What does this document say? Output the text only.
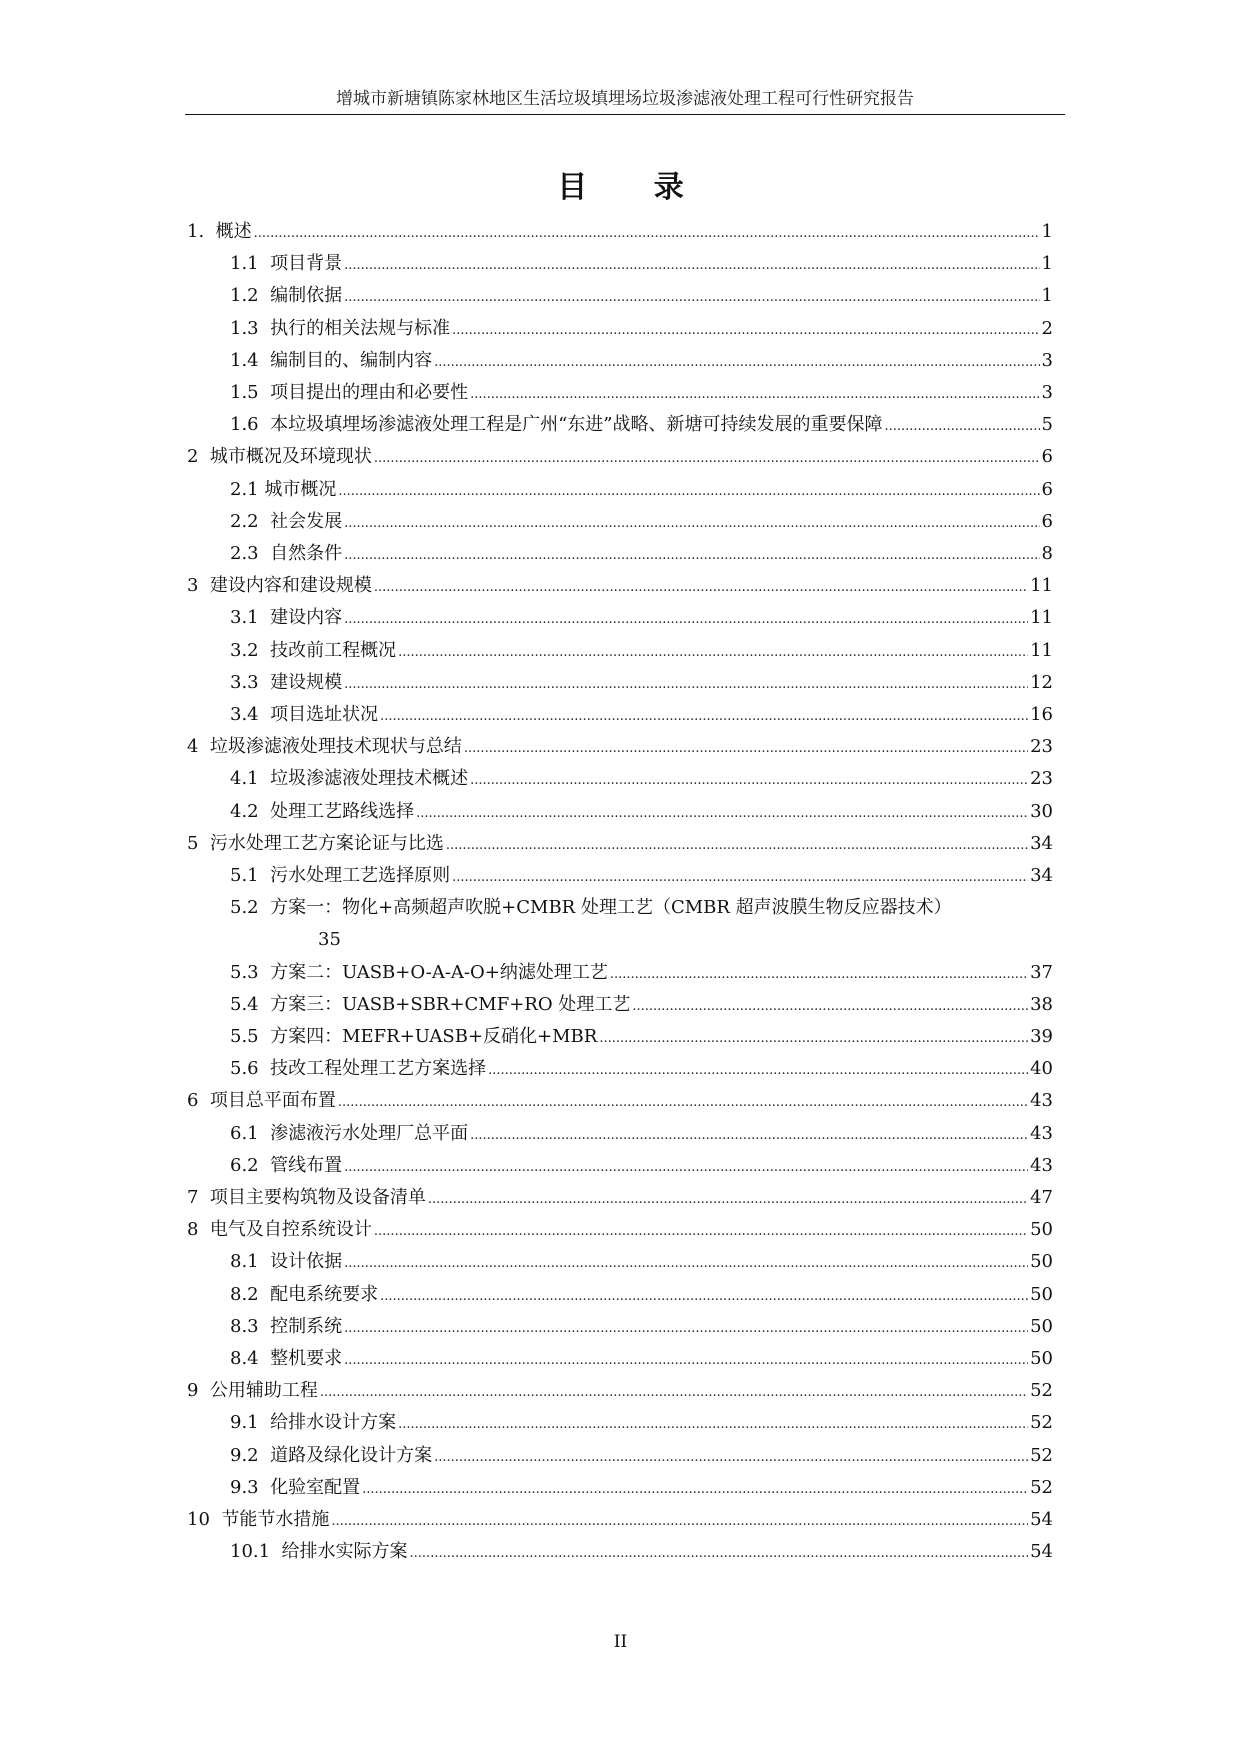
增城市新塘镇陈家林地区生活垃圾填埋场垃圾渗滤液处理工程可行性研究报告
目 录
1. 概述 .....	1
1.1 项目背景 .....	1
1.2 编制依据 .....	1
1.3 执行的相关法规与标准 .....	2
1.4 编制目的、编制内容 .....	3
1.5 项目提出的理由和必要性 .....	3
1.6 本垃圾填埋场渗滤液处理工程是广州“东进”战略、新塘可持续发展的重要保障 .....	5
2 城市概况及环境现状 .....	6
2.1 城市概况 .....	6
2.2 社会发展 .....	6
2.3 自然条件 .....	8
3 建设内容和建设规模 .....	11
3.1 建设内容 .....	11
3.2 技改前工程概况 .....	11
3.3 建设规模 .....	12
3.4 项目选址状况 .....	16
4 垃圾渗滤液处理技术现状与总结 .....	23
4.1 垃圾渗滤液处理技术概述 .....	23
4.2 处理工艺路线选择 .....	30
5 污水处理工艺方案论证与比选 .....	34
5.1 污水处理工艺选择原则 .....	34
5.2 方案一：物化+高频超声吹脱+CMBR 处理工艺（CMBR 超声波膜生物反应器技术）
35
5.3 方案二：UASB+O-A-A-O+纳滤处理工艺 .....	37
5.4 方案三：UASB+SBR+CMF+RO 处理工艺 .....	38
5.5 方案四：MEFR+UASB+反硝化+MBR .....	39
5.6 技改工程处理工艺方案选择 .....	40
6 项目总平面布置 .....	43
6.1 渗滤液污水处理厂总平面 .....	43
6.2 管线布置 .....	43
7 项目主要构筑物及设备清单 .....	47
8 电气及自控系统设计 .....	50
8.1 设计依据 .....	50
8.2 配电系统要求 .....	50
8.3 控制系统 .....	50
8.4 整机要求 .....	50
9 公用辅助工程 .....	52
9.1 给排水设计方案 .....	52
9.2 道路及绿化设计方案 .....	52
9.3 化验室配置 .....	52
10 节能节水措施 .....	54
10.1 给排水实际方案 .....	54
II
